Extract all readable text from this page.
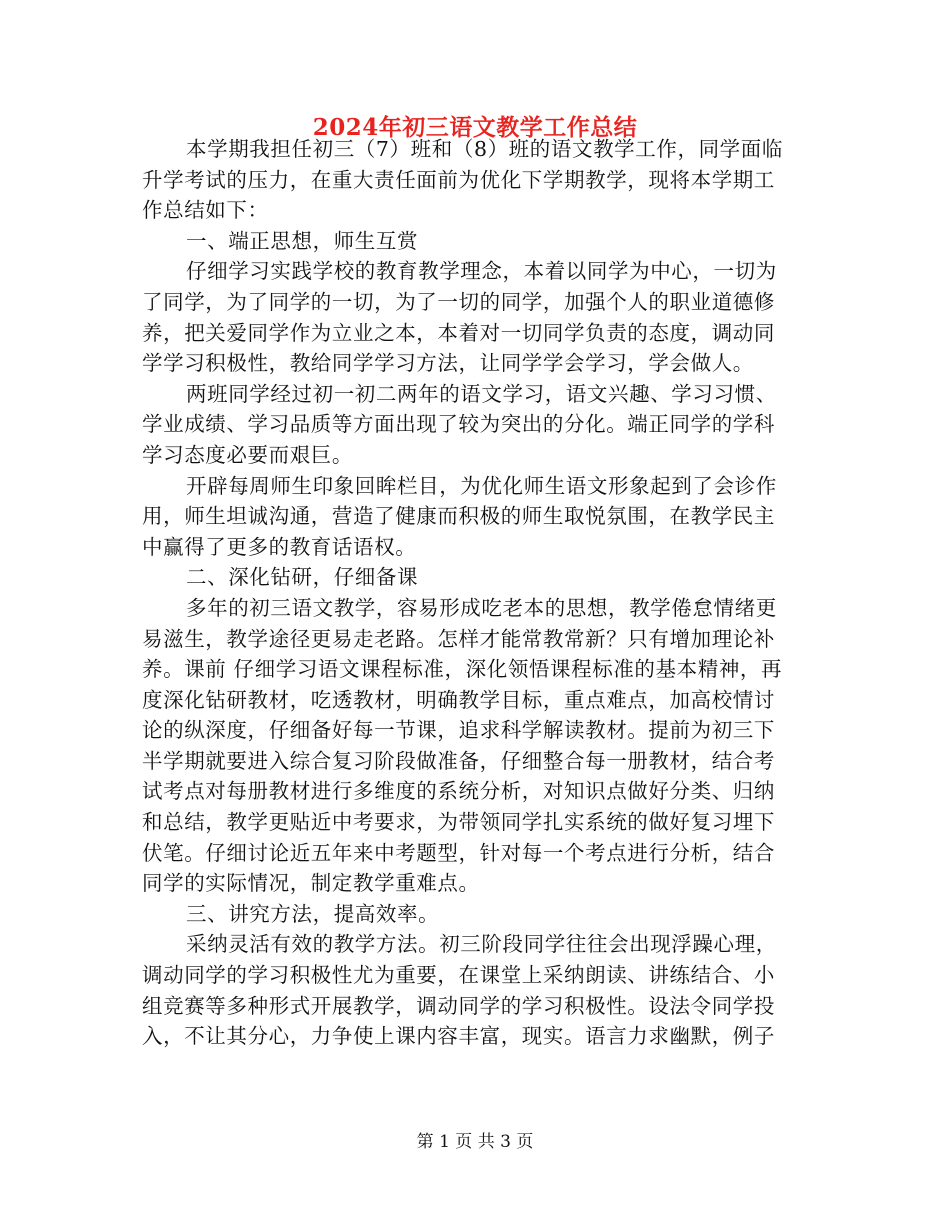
2024年初三语文教学工作总结
本学期我担任初三（7）班和（8）班的语文教学工作，同学面临
升学考试的压力，在重大责任面前为优化下学期教学，现将本学期工
作总结如下：
一、端正思想，师生互赏
仔细学习实践学校的教育教学理念，本着以同学为中心，一切为
了同学，为了同学的一切，为了一切的同学，加强个人的职业道德修
养，把关爱同学作为立业之本，本着对一切同学负责的态度，调动同
学学习积极性，教给同学学习方法，让同学学会学习，学会做人。
两班同学经过初一初二两年的语文学习，语文兴趣、学习习惯、
学业成绩、学习品质等方面出现了较为突出的分化。端正同学的学科
学习态度必要而艰巨。
开辟每周师生印象回眸栏目，为优化师生语文形象起到了会诊作
用，师生坦诚沟通，营造了健康而积极的师生取悦氛围，在教学民主
中赢得了更多的教育话语权。
二、深化钻研，仔细备课
多年的初三语文教学，容易形成吃老本的思想，教学倦怠情绪更
易滋生，教学途径更易走老路。怎样才能常教常新？只有增加理论补
养。课前 仔细学习语文课程标准，深化领悟课程标准的基本精神，再
度深化钻研教材，吃透教材，明确教学目标，重点难点，加高校情讨
论的纵深度，仔细备好每一节课，追求科学解读教材。提前为初三下
半学期就要进入综合复习阶段做准备，仔细整合每一册教材，结合考
试考点对每册教材进行多维度的系统分析，对知识点做好分类、归纳
和总结，教学更贴近中考要求，为带领同学扎实系统的做好复习埋下
伏笔。仔细讨论近五年来中考题型，针对每一个考点进行分析，结合
同学的实际情况，制定教学重难点。
三、讲究方法，提高效率。
采纳灵活有效的教学方法。初三阶段同学往往会出现浮躁心理，
调动同学的学习积极性尤为重要，在课堂上采纳朗读、讲练结合、小
组竞赛等多种形式开展教学，调动同学的学习积极性。设法令同学投
入，不让其分心，力争使上课内容丰富，现实。语言力求幽默，例子
第 1 页 共 3 页
